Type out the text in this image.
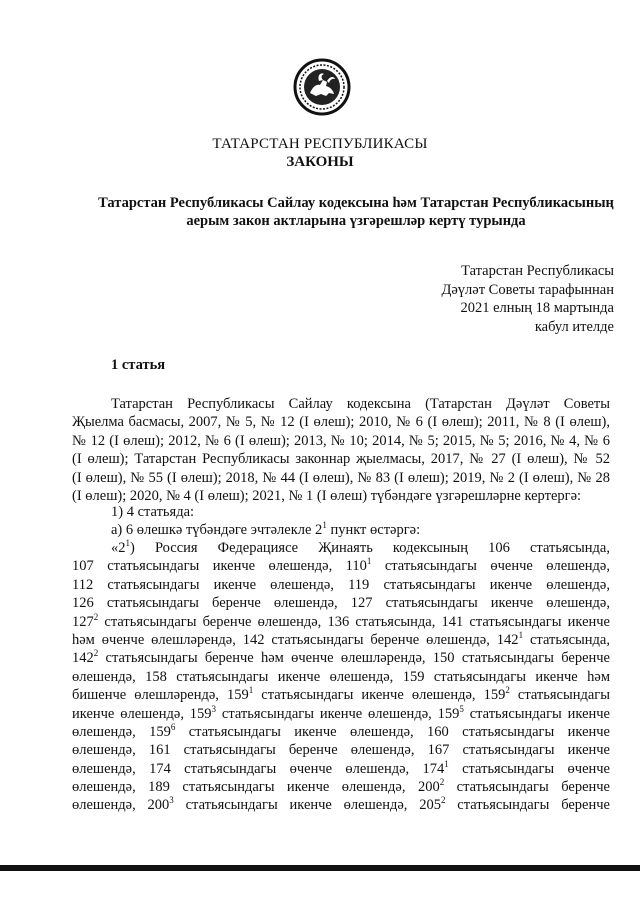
ТАТАРСТАН РЕСПУБЛИКАСЫ
ЗАКОНЫ
Татарстан Республикасы Сайлау кодексына һәм Татарстан Республикасының
аерым закон актларына үзгәрешләр кертү турында
Татарстан Республикасы
Дәүләт Советы тарафыннан
2021 елның 18 мартында
кабул ителде
1 статья
Татарстан Республикасы Сайлау кодексына (Татарстан Дәүләт Советы
Җыелма басмасы, 2007, № 5, № 12 (I өлеш); 2010, № 6 (I өлеш); 2011, № 8 (I өлеш),
№ 12 (I өлеш); 2012, № 6 (I өлеш); 2013, № 10; 2014, № 5; 2015, № 5; 2016, № 4, № 6
(I өлеш); Татарстан Республикасы законнар җыелмасы, 2017, № 27 (I өлеш), № 52
(I өлеш), № 55 (I өлеш); 2018, № 44 (I өлеш), № 83 (I өлеш); 2019, № 2 (I өлеш), № 28
(I өлеш); 2020, № 4 (I өлеш); 2021, № 1 (I өлеш) түбәндәге үзгәрешләрне кертергә:
1) 4 статьяда:
а) 6 өлешкә түбәндәге эчтәлекле $2^1$ пункт өстәргә:
«$2^1$) Россия Федерациясе Җинаять кодексының 106 статьясында,
107 статьясындагы икенче өлешендә, $110^1$ статьясындагы өченче өлешендә,
112 статьясындагы икенче өлешендә, 119 статьясындагы икенче өлешендә,
126 статьясындагы беренче өлешендә, 127 статьясындагы икенче өлешендә,
$127^2$ статьясындагы беренче өлешендә, 136 статьясында, 141 статьясындагы икенче
һәм өченче өлешләрендә, 142 статьясындагы беренче өлешендә, $142^1$ статьясында,
$142^2$ статьясындагы беренче һәм өченче өлешләрендә, 150 статьясындагы беренче
өлешендә, 158 статьясындагы икенче өлешендә, 159 статьясындагы икенче һәм
бишенче өлешләрендә, $159^1$ статьясындагы икенче өлешендә, $159^2$ статьясындагы
икенче өлешендә, $159^3$ статьясындагы икенче өлешендә, $159^5$ статьясындагы икенче
өлешендә, $159^6$ статьясындагы икенче өлешендә, 160 статьясындагы икенче
өлешендә, 161 статьясындагы беренче өлешендә, 167 статьясындагы икенче
өлешендә, 174 статьясындагы өченче өлешендә, $174^1$ статьясындагы өченче
өлешендә, 189 статьясындагы икенче өлешендә, $200^2$ статьясындагы беренче
өлешендә, $200^3$ статьясындагы икенче өлешендә, $205^2$ статьясындагы беренче
